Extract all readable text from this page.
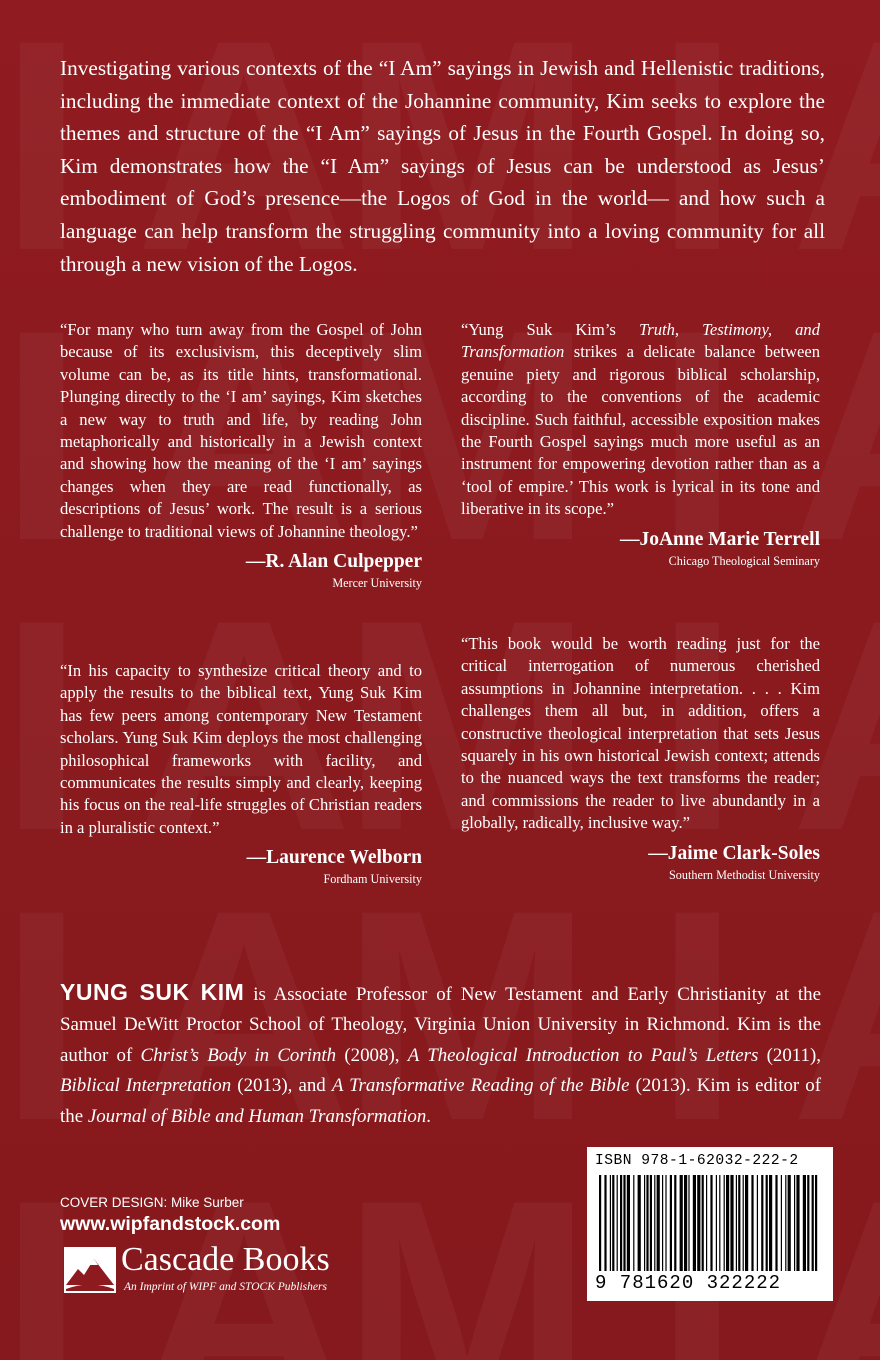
Investigating various contexts of the “I Am” sayings in Jewish and Hellenistic traditions, including the immediate context of the Johannine community, Kim seeks to explore the themes and structure of the “I Am” sayings of Jesus in the Fourth Gospel. In doing so, Kim demonstrates how the “I Am” sayings of Jesus can be understood as Jesus’ embodiment of God’s presence—the Logos of God in the world— and how such a language can help transform the struggling community into a loving community for all through a new vision of the Logos.

“For many who turn away from the Gospel of John because of its exclusivism, this deceptively slim volume can be, as its title hints, transformational. Plunging directly to the ‘I am’ sayings, Kim sketches a new way to truth and life, by reading John metaphorically and historically in a Jewish context and showing how the meaning of the ‘I am’ sayings changes when they are read functionally, as descriptions of Jesus’ work. The result is a serious challenge to traditional views of Johannine theology.”

—R. Alan Culpepper
Mercer University

“In his capacity to synthesize critical theory and to apply the results to the biblical text, Yung Suk Kim has few peers among contemporary New Testament scholars. Yung Suk Kim deploys the most challenging philosophical frameworks with facility, and communicates the results simply and clearly, keeping his focus on the real-life struggles of Christian readers in a pluralistic context.”

—Laurence Welborn
Fordham University

“Yung Suk Kim’s Truth, Testimony, and Transformation strikes a delicate balance between genuine piety and rigorous biblical scholarship, according to the conventions of the academic discipline. Such faithful, accessible exposition makes the Fourth Gospel sayings much more useful as an instrument for empowering devotion rather than as a ‘tool of empire.’ This work is lyrical in its tone and liberative in its scope.”

—JoAnne Marie Terrell
Chicago Theological Seminary

“This book would be worth reading just for the critical interrogation of numerous cherished assumptions in Johannine interpretation. . . . Kim challenges them all but, in addition, offers a constructive theological interpretation that sets Jesus squarely in his own historical Jewish context; attends to the nuanced ways the text transforms the reader; and commissions the reader to live abundantly in a globally, radically, inclusive way.”

—Jaime Clark-Soles
Southern Methodist University

YUNG SUK KIM is Associate Professor of New Testament and Early Christianity at the Samuel DeWitt Proctor School of Theology, Virginia Union University in Richmond. Kim is the author of Christ’s Body in Corinth (2008), A Theological Introduction to Paul’s Letters (2011), Biblical Interpretation (2013), and A Transformative Reading of the Bible (2013). Kim is editor of the Journal of Bible and Human Transformation.

COVER DESIGN: Mike Surber
www.wipfandstock.com
Cascade Books
An Imprint of WIPF and STOCK Publishers
ISBN 978-1-62032-222-2
9 781620 322222
